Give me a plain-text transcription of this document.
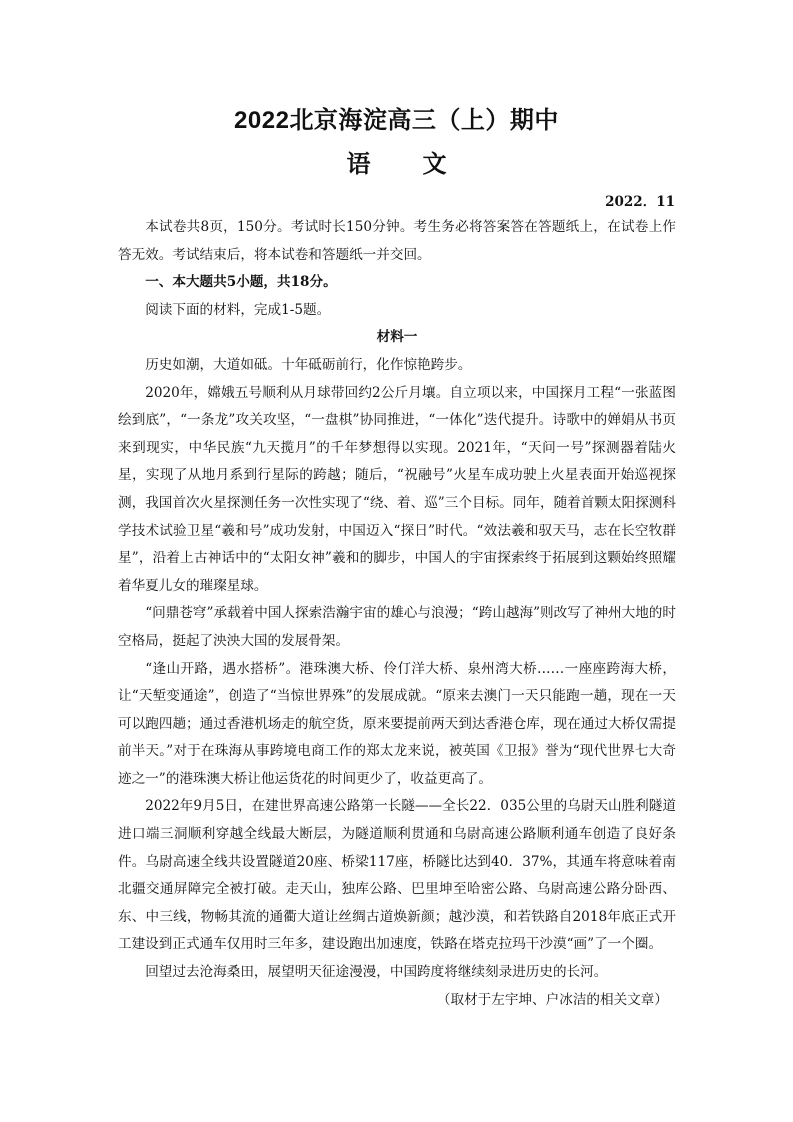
2022北京海淀高三（上）期中
语文
2022．11

本试卷共8页，150分。考试时长150分钟。考生务必将答案答在答题纸上，在试卷上作答无效。考试结束后，将本试卷和答题纸一并交回。

一、本大题共5小题，共18分。

阅读下面的材料，完成1-5题。

材料一

历史如潮，大道如砥。十年砥砺前行，化作惊艳跨步。

2020年，嫦娥五号顺利从月球带回约2公斤月壤。自立项以来，中国探月工程“一张蓝图绘到底”，“一条龙”攻关攻坚，“一盘棋”协同推进，“一体化”迭代提升。诗歌中的婵娟从书页来到现实，中华民族“九天揽月”的千年梦想得以实现。2021年，“天问一号”探测器着陆火星，实现了从地月系到行星际的跨越；随后，“祝融号”火星车成功驶上火星表面开始巡视探测，我国首次火星探测任务一次性实现了“绕、着、巡”三个目标。同年，随着首颗太阳探测科学技术试验卫星“羲和号”成功发射，中国迈入“探日”时代。“效法羲和驭天马，志在长空牧群星”，沿着上古神话中的“太阳女神”羲和的脚步，中国人的宇宙探索终于拓展到这颗始终照耀着华夏儿女的璀璨星球。

“问鼎苍穹”承载着中国人探索浩瀚宇宙的雄心与浪漫；“跨山越海”则改写了神州大地的时空格局，挺起了泱泱大国的发展骨架。

“逢山开路，遇水搭桥”。港珠澳大桥、伶仃洋大桥、泉州湾大桥……一座座跨海大桥，让“天堑变通途”，创造了“当惊世界殊”的发展成就。“原来去澳门一天只能跑一趟，现在一天可以跑四趟；通过香港机场走的航空货，原来要提前两天到达香港仓库，现在通过大桥仅需提前半天。”对于在珠海从事跨境电商工作的郑太龙来说，被英国《卫报》誉为“现代世界七大奇迹之一”的港珠澳大桥让他运货花的时间更少了，收益更高了。

2022年9月5日，在建世界高速公路第一长隧——全长22．035公里的乌尉天山胜利隧道进口端三洞顺利穿越全线最大断层，为隧道顺利贯通和乌尉高速公路顺利通车创造了良好条件。乌尉高速全线共设置隧道20座、桥梁117座，桥隧比达到40．37%，其通车将意味着南北疆交通屏障完全被打破。走天山，独库公路、巴里坤至哈密公路、乌尉高速公路分卧西、东、中三线，物畅其流的通衢大道让丝绸古道焕新颜；越沙漠，和若铁路自2018年底正式开工建设到正式通车仅用时三年多，建设跑出加速度，铁路在塔克拉玛干沙漠“画”了一个圈。

回望过去沧海桑田，展望明天征途漫漫，中国跨度将继续刻录进历史的长河。

（取材于左宇坤、户冰洁的相关文章）
